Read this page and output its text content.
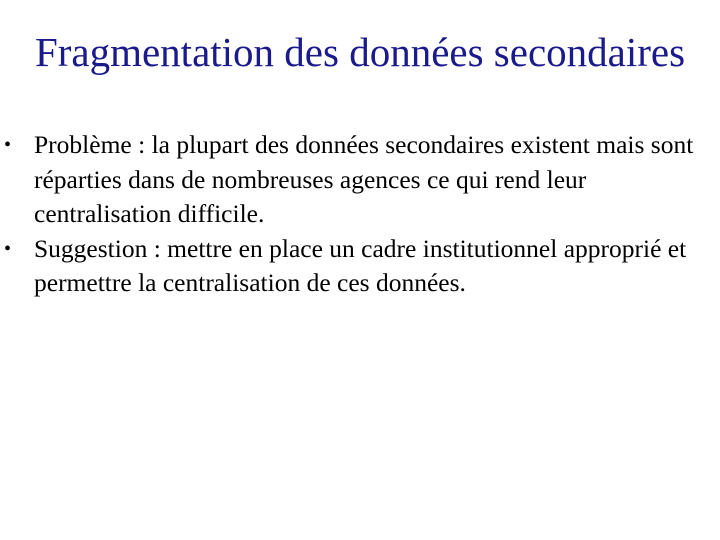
Fragmentation des données secondaires
• Problème : la plupart des données secondaires existent mais sont réparties dans de nombreuses agences ce qui rend leur centralisation difficile.
• Suggestion : mettre en place un cadre institutionnel approprié et permettre la centralisation de ces données.
